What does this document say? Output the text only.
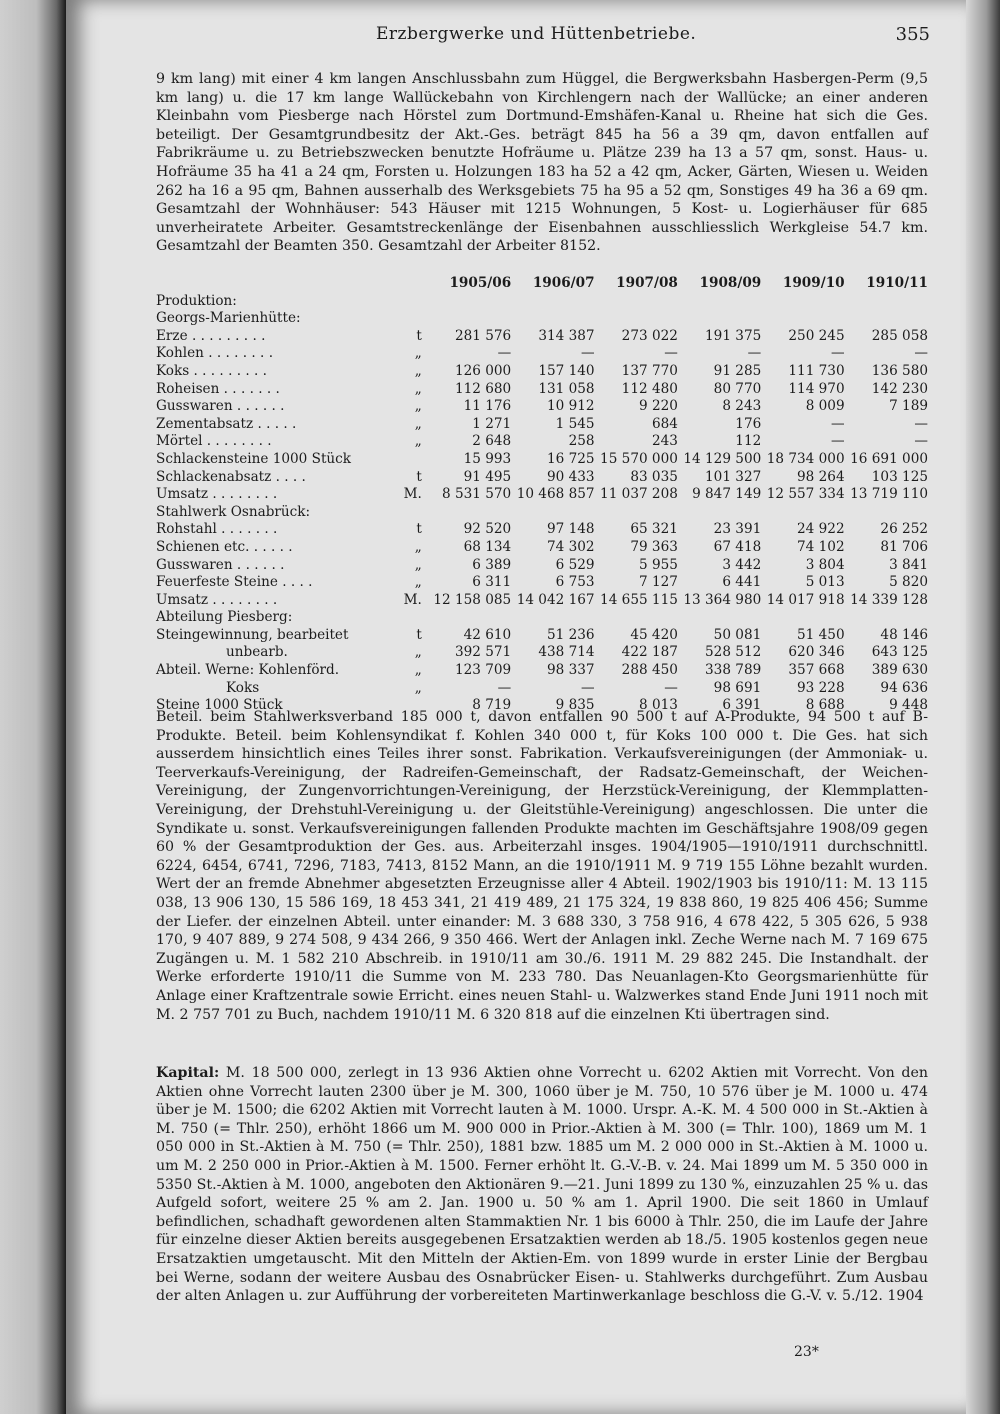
Erzbergwerke und Hüttenbetriebe.	355

9 km lang) mit einer 4 km langen Anschlussbahn zum Hüggel, die Bergwerksbahn Hasbergen-Perm (9,5 km lang) u. die 17 km lange Wallückebahn von Kirchlengern nach der Wallücke; an einer anderen Kleinbahn vom Piesberge nach Hörstel zum Dortmund-Emshäfen-Kanal u. Rheine hat sich die Ges. beteiligt. Der Gesamtgrundbesitz der Akt.-Ges. beträgt 845 ha 56 a 39 qm, davon entfallen auf Fabrikräume u. zu Betriebszwecken benutzte Hofräume u. Plätze 239 ha 13 a 57 qm, sonst. Haus- u. Hofräume 35 ha 41 a 24 qm, Forsten u. Holzungen 183 ha 52 a 42 qm, Acker, Gärten, Wiesen u. Weiden 262 ha 16 a 95 qm, Bahnen ausserhalb des Werksgebiets 75 ha 95 a 52 qm, Sonstiges 49 ha 36 a 69 qm. Gesamtzahl der Wohnhäuser: 543 Häuser mit 1215 Wohnungen, 5 Kost- u. Logierhäuser für 685 unverheiratete Arbeiter. Gesamtstreckenlänge der Eisenbahnen ausschliesslich Werkgleise 54.7 km. Gesamtzahl der Beamten 350. Gesamtzahl der Arbeiter 8152.

		1905/06	1906/07	1907/08	1908/09	1909/10	1910/11
Produktion:							
Georgs-Marienhütte:							
Erze . . . . . . . . .	t	281 576	314 387	273 022	191 375	250 245	285 058
Kohlen . . . . . . . .	„	—	—	—	—	—	—
Koks . . . . . . . . .	„	126 000	157 140	137 770	91 285	111 730	136 580
Roheisen . . . . . . .	„	112 680	131 058	112 480	80 770	114 970	142 230
Gusswaren . . . . . .	„	11 176	10 912	9 220	8 243	8 009	7 189
Zementabsatz . . . . .	„	1 271	1 545	684	176	—	—
Mörtel . . . . . . . .	„	2 648	258	243	112	—	—
Schlackensteine 1000 Stück		15 993	16 725	15 570 000	14 129 500	18 734 000	16 691 000
Schlackenabsatz . . . .	t	91 495	90 433	83 035	101 327	98 264	103 125
Umsatz . . . . . . . .	M.	8 531 570	10 468 857	11 037 208	9 847 149	12 557 334	13 719 110
Stahlwerk Osnabrück:							
Rohstahl . . . . . . .	t	92 520	97 148	65 321	23 391	24 922	26 252
Schienen etc. . . . . .	„	68 134	74 302	79 363	67 418	74 102	81 706
Gusswaren . . . . . .	„	6 389	6 529	5 955	3 442	3 804	3 841
Feuerfeste Steine . . . .	„	6 311	6 753	7 127	6 441	5 013	5 820
Umsatz . . . . . . . .	M.	12 158 085	14 042 167	14 655 115	13 364 980	14 017 918	14 339 128
Abteilung Piesberg:							
Steingewinnung, bearbeitet	t	42 610	51 236	45 420	50 081	51 450	48 146
unbearb.	„	392 571	438 714	422 187	528 512	620 346	643 125
Abteil. Werne: Kohlenförd.	„	123 709	98 337	288 450	338 789	357 668	389 630
Koks	„	—	—	—	98 691	93 228	94 636
Steine 1000 Stück		8 719	9 835	8 013	6 391	8 688	9 448

Beteil. beim Stahlwerksverband 185 000 t, davon entfallen 90 500 t auf A-Produkte, 94 500 t auf B-Produkte. Beteil. beim Kohlensyndikat f. Kohlen 340 000 t, für Koks 100 000 t. Die Ges. hat sich ausserdem hinsichtlich eines Teiles ihrer sonst. Fabrikation. Verkaufsvereinigungen (der Ammoniak- u. Teerverkaufs-Vereinigung, der Radreifen-Gemeinschaft, der Radsatz-Gemeinschaft, der Weichen-Vereinigung, der Zungenvorrichtungen-Vereinigung, der Herzstück-Vereinigung, der Klemmplatten-Vereinigung, der Drehstuhl-Vereinigung u. der Gleitstühle-Vereinigung) angeschlossen. Die unter die Syndikate u. sonst. Verkaufsvereinigungen fallenden Produkte machten im Geschäftsjahre 1908/09 gegen 60 % der Gesamtproduktion der Ges. aus. Arbeiterzahl insges. 1904/1905—1910/1911 durchschnittl. 6224, 6454, 6741, 7296, 7183, 7413, 8152 Mann, an die 1910/1911 M. 9 719 155 Löhne bezahlt wurden. Wert der an fremde Abnehmer abgesetzten Erzeugnisse aller 4 Abteil. 1902/1903 bis 1910/11: M. 13 115 038, 13 906 130, 15 586 169, 18 453 341, 21 419 489, 21 175 324, 19 838 860, 19 825 406 456; Summe der Liefer. der einzelnen Abteil. unter einander: M. 3 688 330, 3 758 916, 4 678 422, 5 305 626, 5 938 170, 9 407 889, 9 274 508, 9 434 266, 9 350 466. Wert der Anlagen inkl. Zeche Werne nach M. 7 169 675 Zugängen u. M. 1 582 210 Abschreib. in 1910/11 am 30./6. 1911 M. 29 882 245. Die Instandhalt. der Werke erforderte 1910/11 die Summe von M. 233 780. Das Neuanlagen-Kto Georgsmarienhütte für Anlage einer Kraftzentrale sowie Erricht. eines neuen Stahl- u. Walzwerkes stand Ende Juni 1911 noch mit M. 2 757 701 zu Buch, nachdem 1910/11 M. 6 320 818 auf die einzelnen Kti übertragen sind.

Kapital: M. 18 500 000, zerlegt in 13 936 Aktien ohne Vorrecht u. 6202 Aktien mit Vorrecht. Von den Aktien ohne Vorrecht lauten 2300 über je M. 300, 1060 über je M. 750, 10 576 über je M. 1000 u. 474 über je M. 1500; die 6202 Aktien mit Vorrecht lauten à M. 1000. Urspr. A.-K. M. 4 500 000 in St.-Aktien à M. 750 (= Thlr. 250), erhöht 1866 um M. 900 000 in Prior.-Aktien à M. 300 (= Thlr. 100), 1869 um M. 1 050 000 in St.-Aktien à M. 750 (= Thlr. 250), 1881 bzw. 1885 um M. 2 000 000 in St.-Aktien à M. 1000 u. um M. 2 250 000 in Prior.-Aktien à M. 1500. Ferner erhöht lt. G.-V.-B. v. 24. Mai 1899 um M. 5 350 000 in 5350 St.-Aktien à M. 1000, angeboten den Aktionären 9.—21. Juni 1899 zu 130 %, einzuzahlen 25 % u. das Aufgeld sofort, weitere 25 % am 2. Jan. 1900 u. 50 % am 1. April 1900. Die seit 1860 in Umlauf befindlichen, schadhaft gewordenen alten Stammaktien Nr. 1 bis 6000 à Thlr. 250, die im Laufe der Jahre für einzelne dieser Aktien bereits ausgegebenen Ersatzaktien werden ab 18./5. 1905 kostenlos gegen neue Ersatzaktien umgetauscht. Mit den Mitteln der Aktien-Em. von 1899 wurde in erster Linie der Bergbau bei Werne, sodann der weitere Ausbau des Osnabrücker Eisen- u. Stahlwerks durchgeführt. Zum Ausbau der alten Anlagen u. zur Aufführung der vorbereiteten Martinwerkanlage beschloss die G.-V. v. 5./12. 1904

23*
